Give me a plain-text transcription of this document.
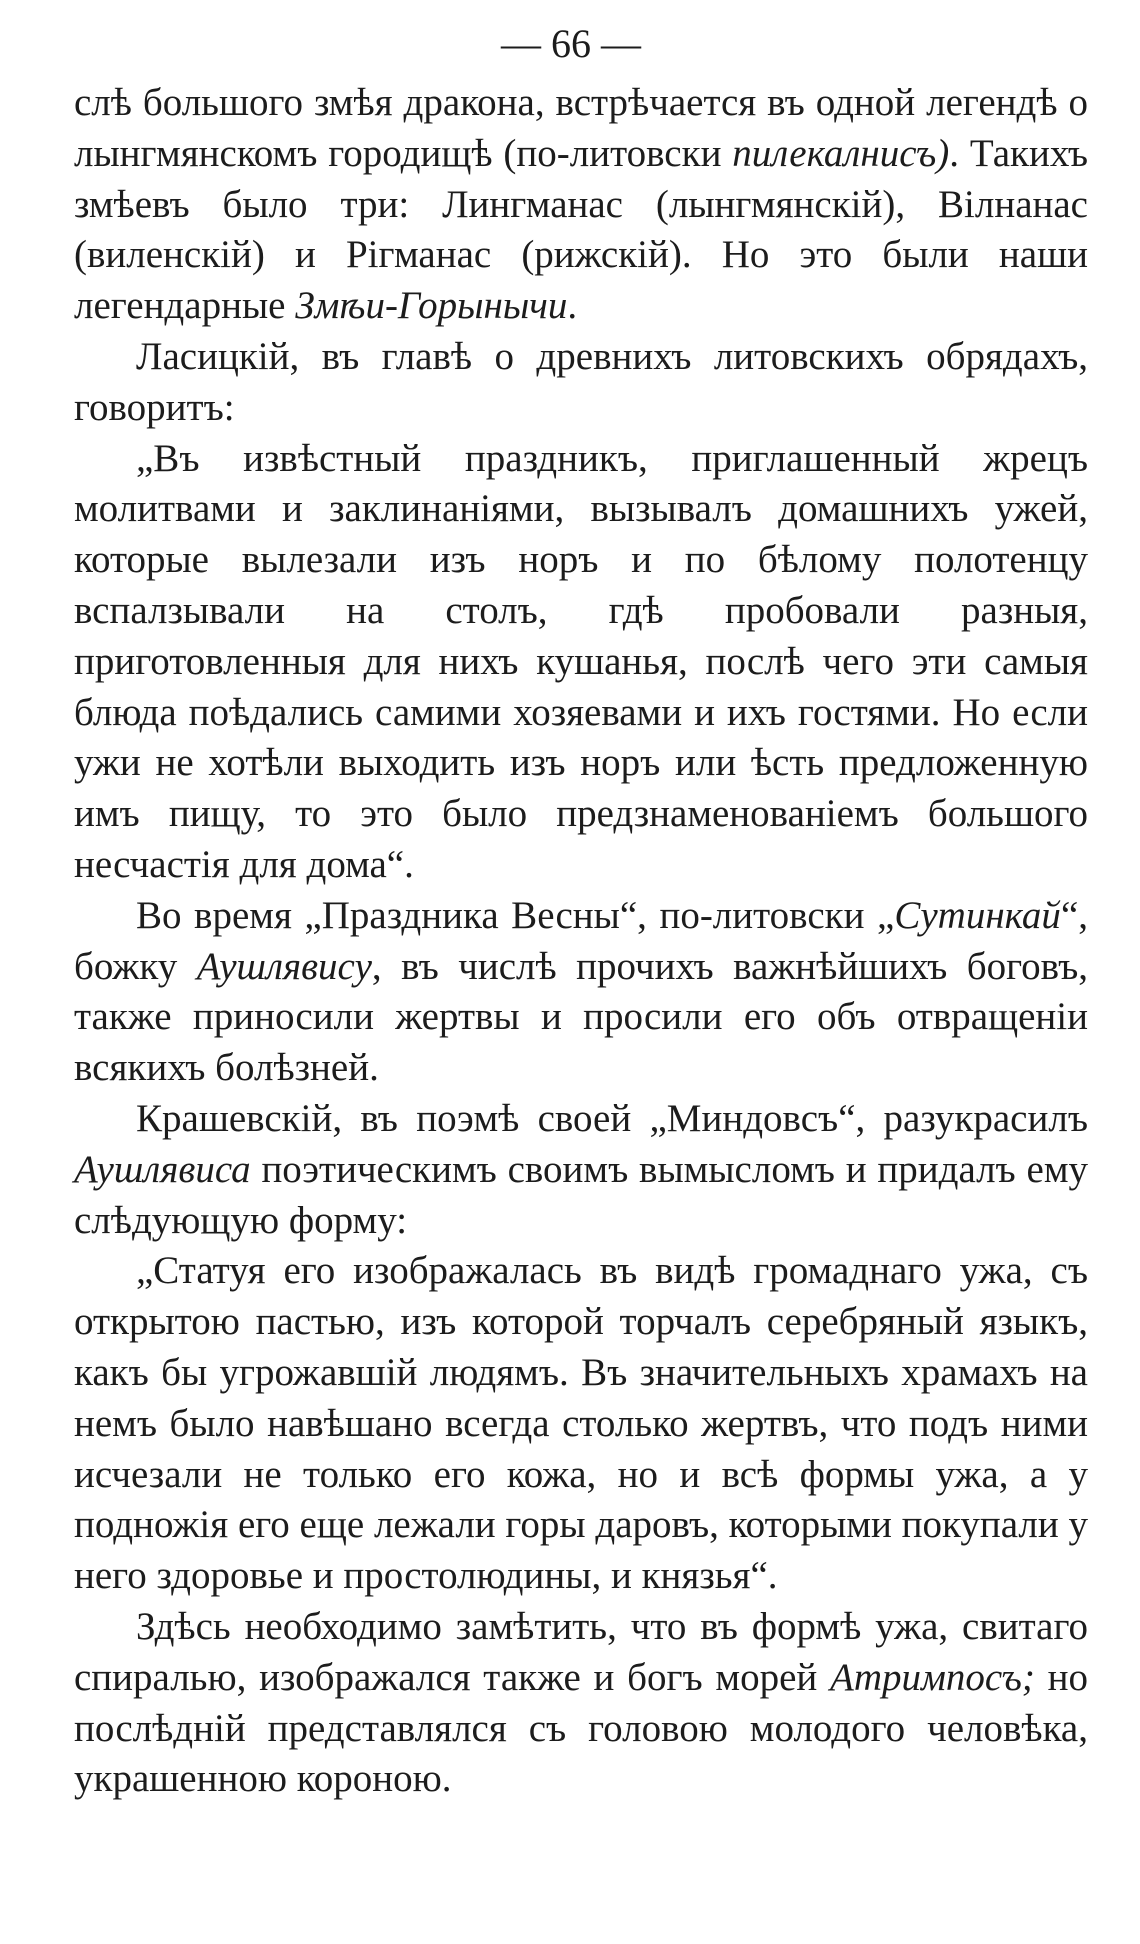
— 66 —

слѣ большого змѣя дракона, встрѣчается въ одной легендѣ о лынгмянскомъ городищѣ (по-литовски пилекалнисъ). Такихъ змѣевъ было три: Лингманас (лынгмянскій), Вілнанас (виленскій) и Рігманас (рижскій). Но это были наши легендарные Змѣи-Горынычи.

Ласицкій, въ главѣ о древнихъ литовскихъ обрядахъ, говоритъ:

„Въ извѣстный праздникъ, приглашенный жрецъ молитвами и заклинаніями, вызывалъ домашнихъ ужей, которые вылезали изъ норъ и по бѣлому полотенцу вспалзывали на столъ, гдѣ пробовали разныя, приготовленныя для нихъ кушанья, послѣ чего эти самыя блюда поѣдались самими хозяевами и ихъ гостями. Но если ужи не хотѣли выходить изъ норъ или ѣсть предложенную имъ пищу, то это было предзнаменованіемъ большого несчастія для дома“.

Во время „Праздника Весны“, по-литовски „Сутинкай“, божку Аушлявису, въ числѣ прочихъ важнѣйшихъ боговъ, также приносили жертвы и просили его объ отвращеніи всякихъ болѣзней.

Крашевскій, въ поэмѣ своей „Миндовсъ“, разукрасилъ Аушлявиса поэтическимъ своимъ вымысломъ и придалъ ему слѣдующую форму:

„Статуя его изображалась въ видѣ громаднаго ужа, съ открытою пастью, изъ которой торчалъ серебряный языкъ, какъ бы угрожавшій людямъ. Въ значительныхъ храмахъ на немъ было навѣшано всегда столько жертвъ, что подъ ними исчезали не только его кожа, но и всѣ формы ужа, а у подножія его еще лежали горы даровъ, которыми покупали у него здоровье и простолюдины, и князья“.

Здѣсь необходимо замѣтить, что въ формѣ ужа, свитаго спиралью, изображался также и богъ морей Атримпосъ; но послѣдній представлялся съ головою молодого человѣка, украшенною короною.
